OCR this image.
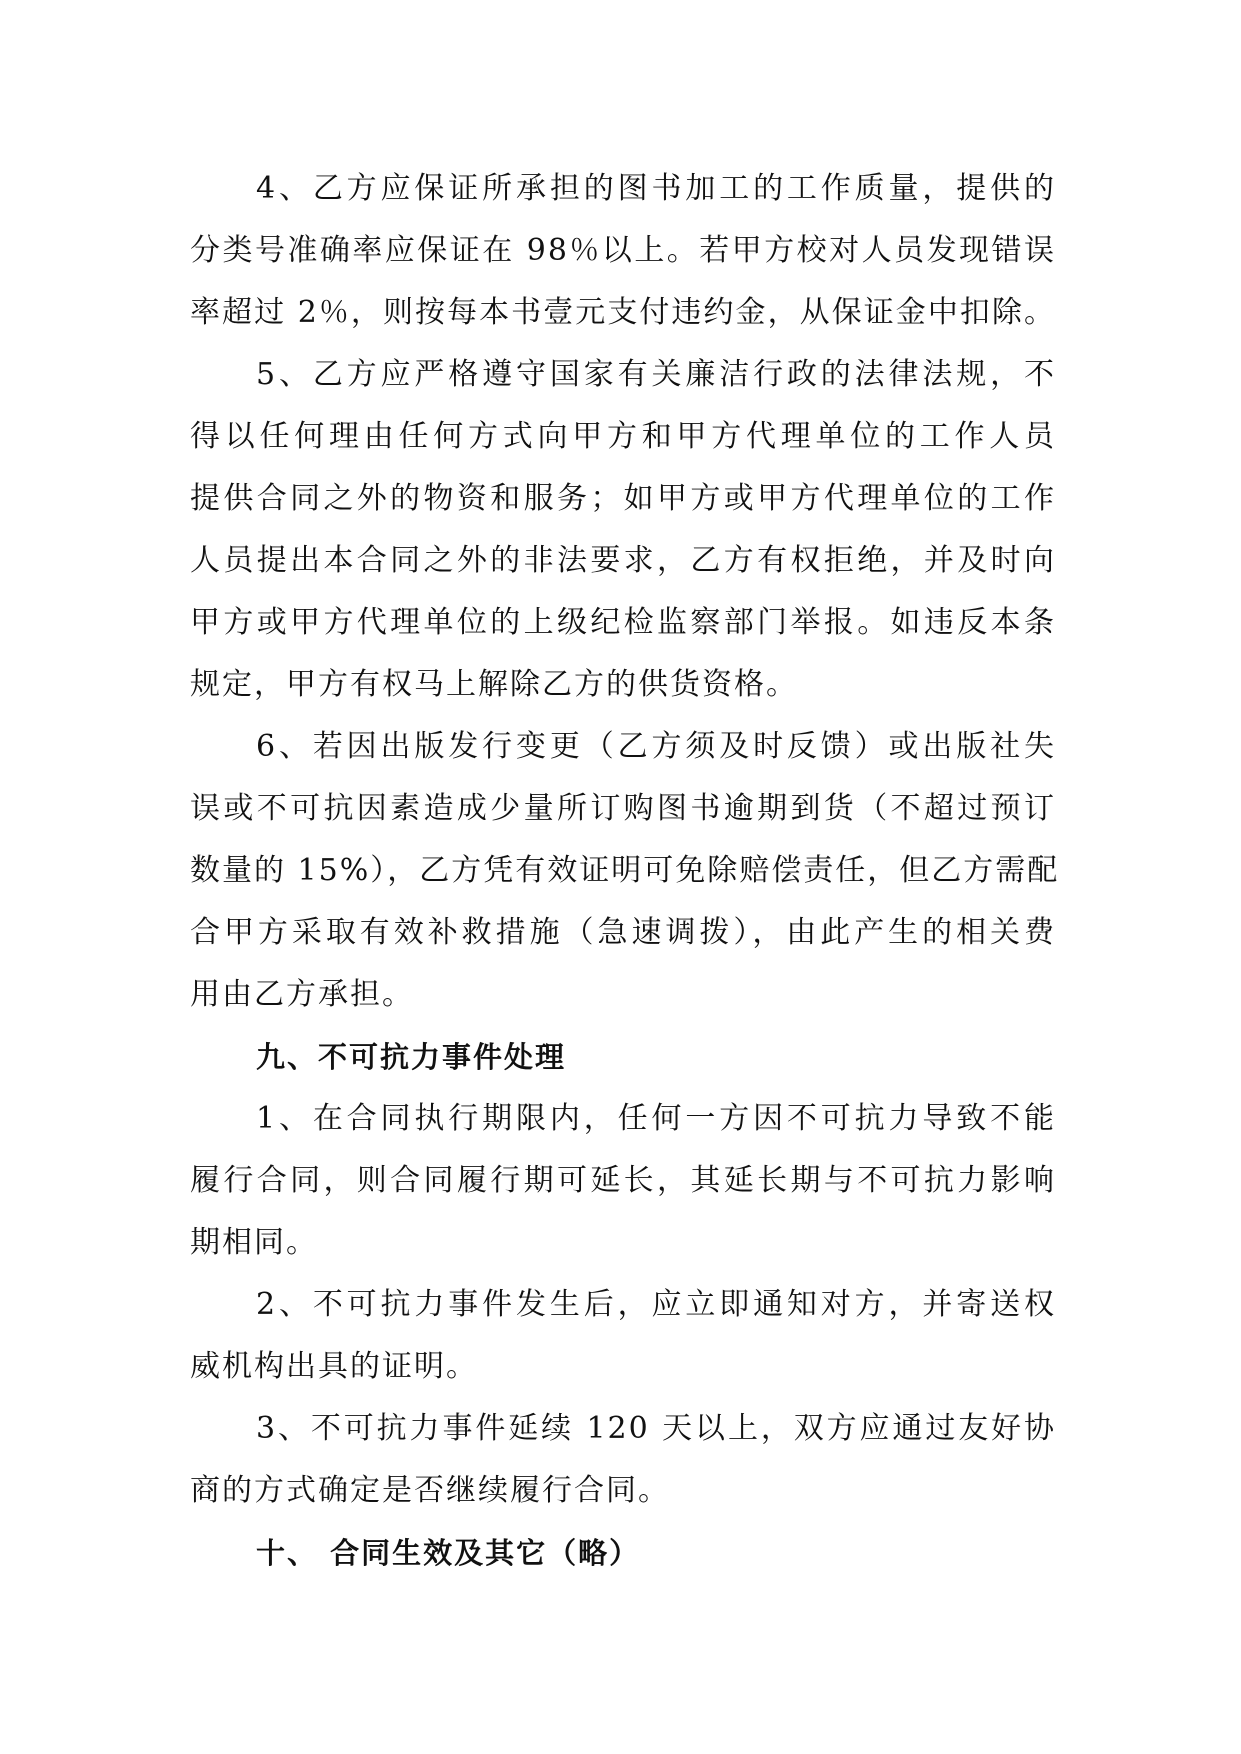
4、乙方应保证所承担的图书加工的工作质量，提供的
分类号准确率应保证在 98％以上。若甲方校对人员发现错误
率超过 2％，则按每本书壹元支付违约金，从保证金中扣除。
5、乙方应严格遵守国家有关廉洁行政的法律法规，不
得以任何理由任何方式向甲方和甲方代理单位的工作人员
提供合同之外的物资和服务；如甲方或甲方代理单位的工作
人员提出本合同之外的非法要求，乙方有权拒绝，并及时向
甲方或甲方代理单位的上级纪检监察部门举报。如违反本条
规定，甲方有权马上解除乙方的供货资格。
6、若因出版发行变更（乙方须及时反馈）或出版社失
误或不可抗因素造成少量所订购图书逾期到货（不超过预订
数量的 15%），乙方凭有效证明可免除赔偿责任，但乙方需配
合甲方采取有效补救措施（急速调拨），由此产生的相关费
用由乙方承担。
九、不可抗力事件处理
1、在合同执行期限内，任何一方因不可抗力导致不能
履行合同，则合同履行期可延长，其延长期与不可抗力影响
期相同。
2、不可抗力事件发生后，应立即通知对方，并寄送权
威机构出具的证明。
3、不可抗力事件延续 120 天以上，双方应通过友好协
商的方式确定是否继续履行合同。
十、 合同生效及其它（略）
